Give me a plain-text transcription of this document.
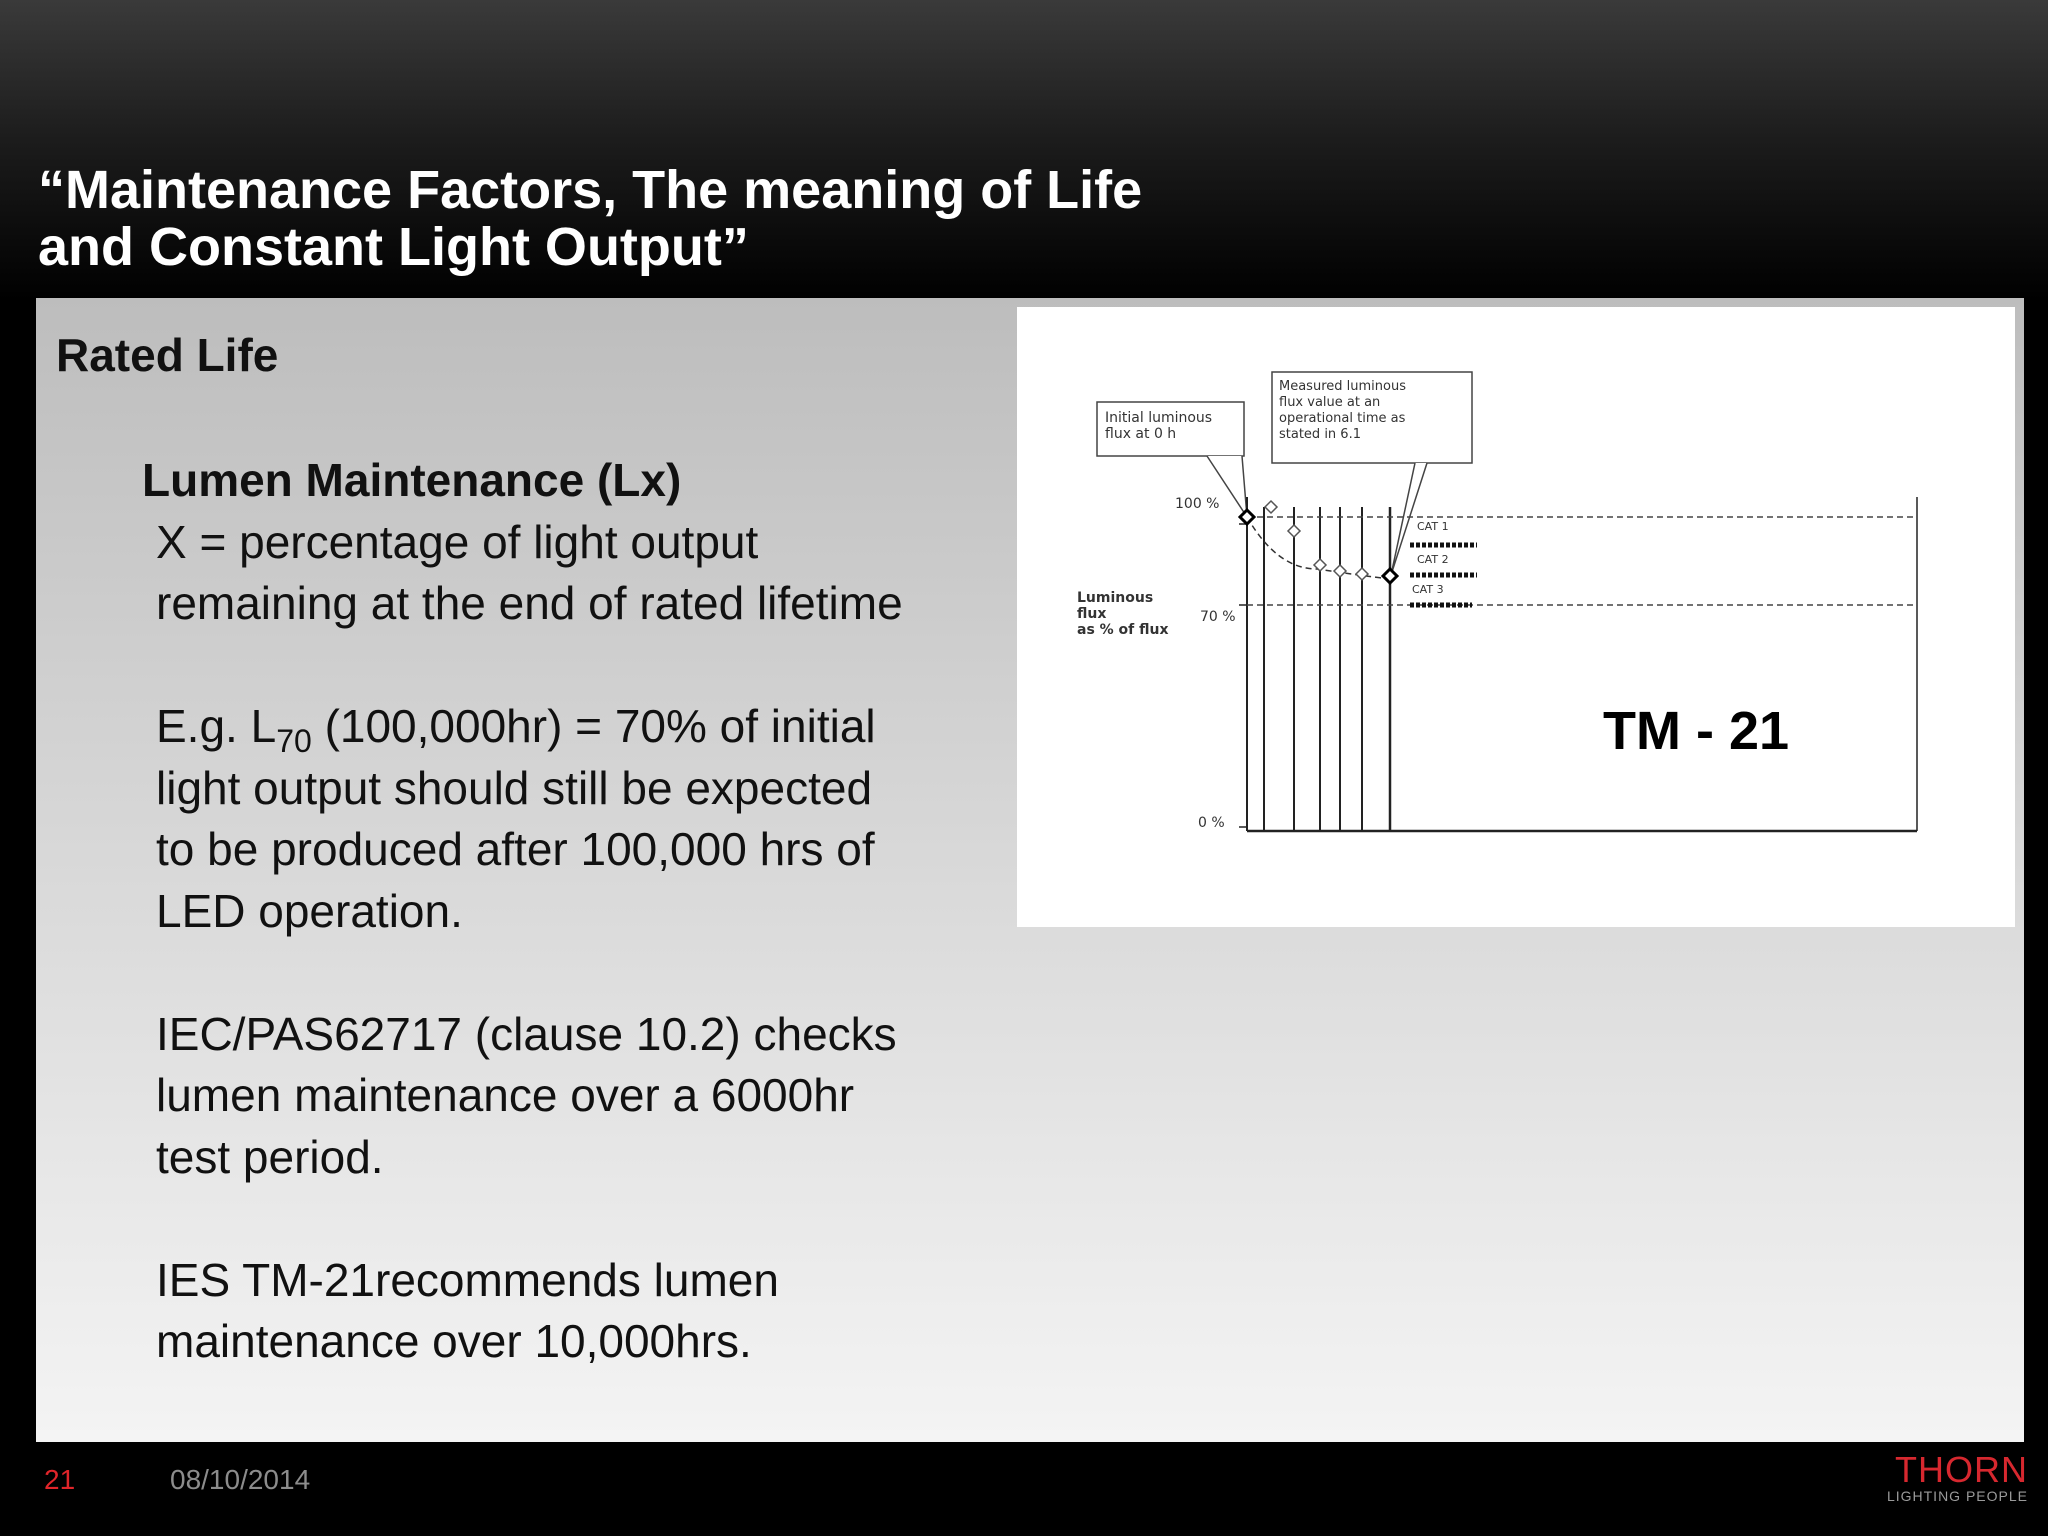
“Maintenance Factors, The meaning of Life
and Constant Light Output”
Rated Life
Lumen Maintenance (Lx)
X = percentage of light output
remaining at the end of rated lifetime
E.g. $L_{70}$ (100,000hr) = 70% of initial
light output should still be expected
to be produced after 100,000 hrs of
LED operation.
IEC/PAS62717 (clause 10.2) checks
lumen maintenance over a 6000hr
test period.
IES TM-21recommends lumen
maintenance over 10,000hrs.
Initial luminous
flux at 0 h
Measured luminous
flux value at an
operational time as
stated in 6.1
Luminous
flux
as % of flux
100 %
70 %
0 %
CAT 1
CAT 2
CAT 3
TM - 21
21	08/10/2014	THORN
LIGHTING PEOPLE
